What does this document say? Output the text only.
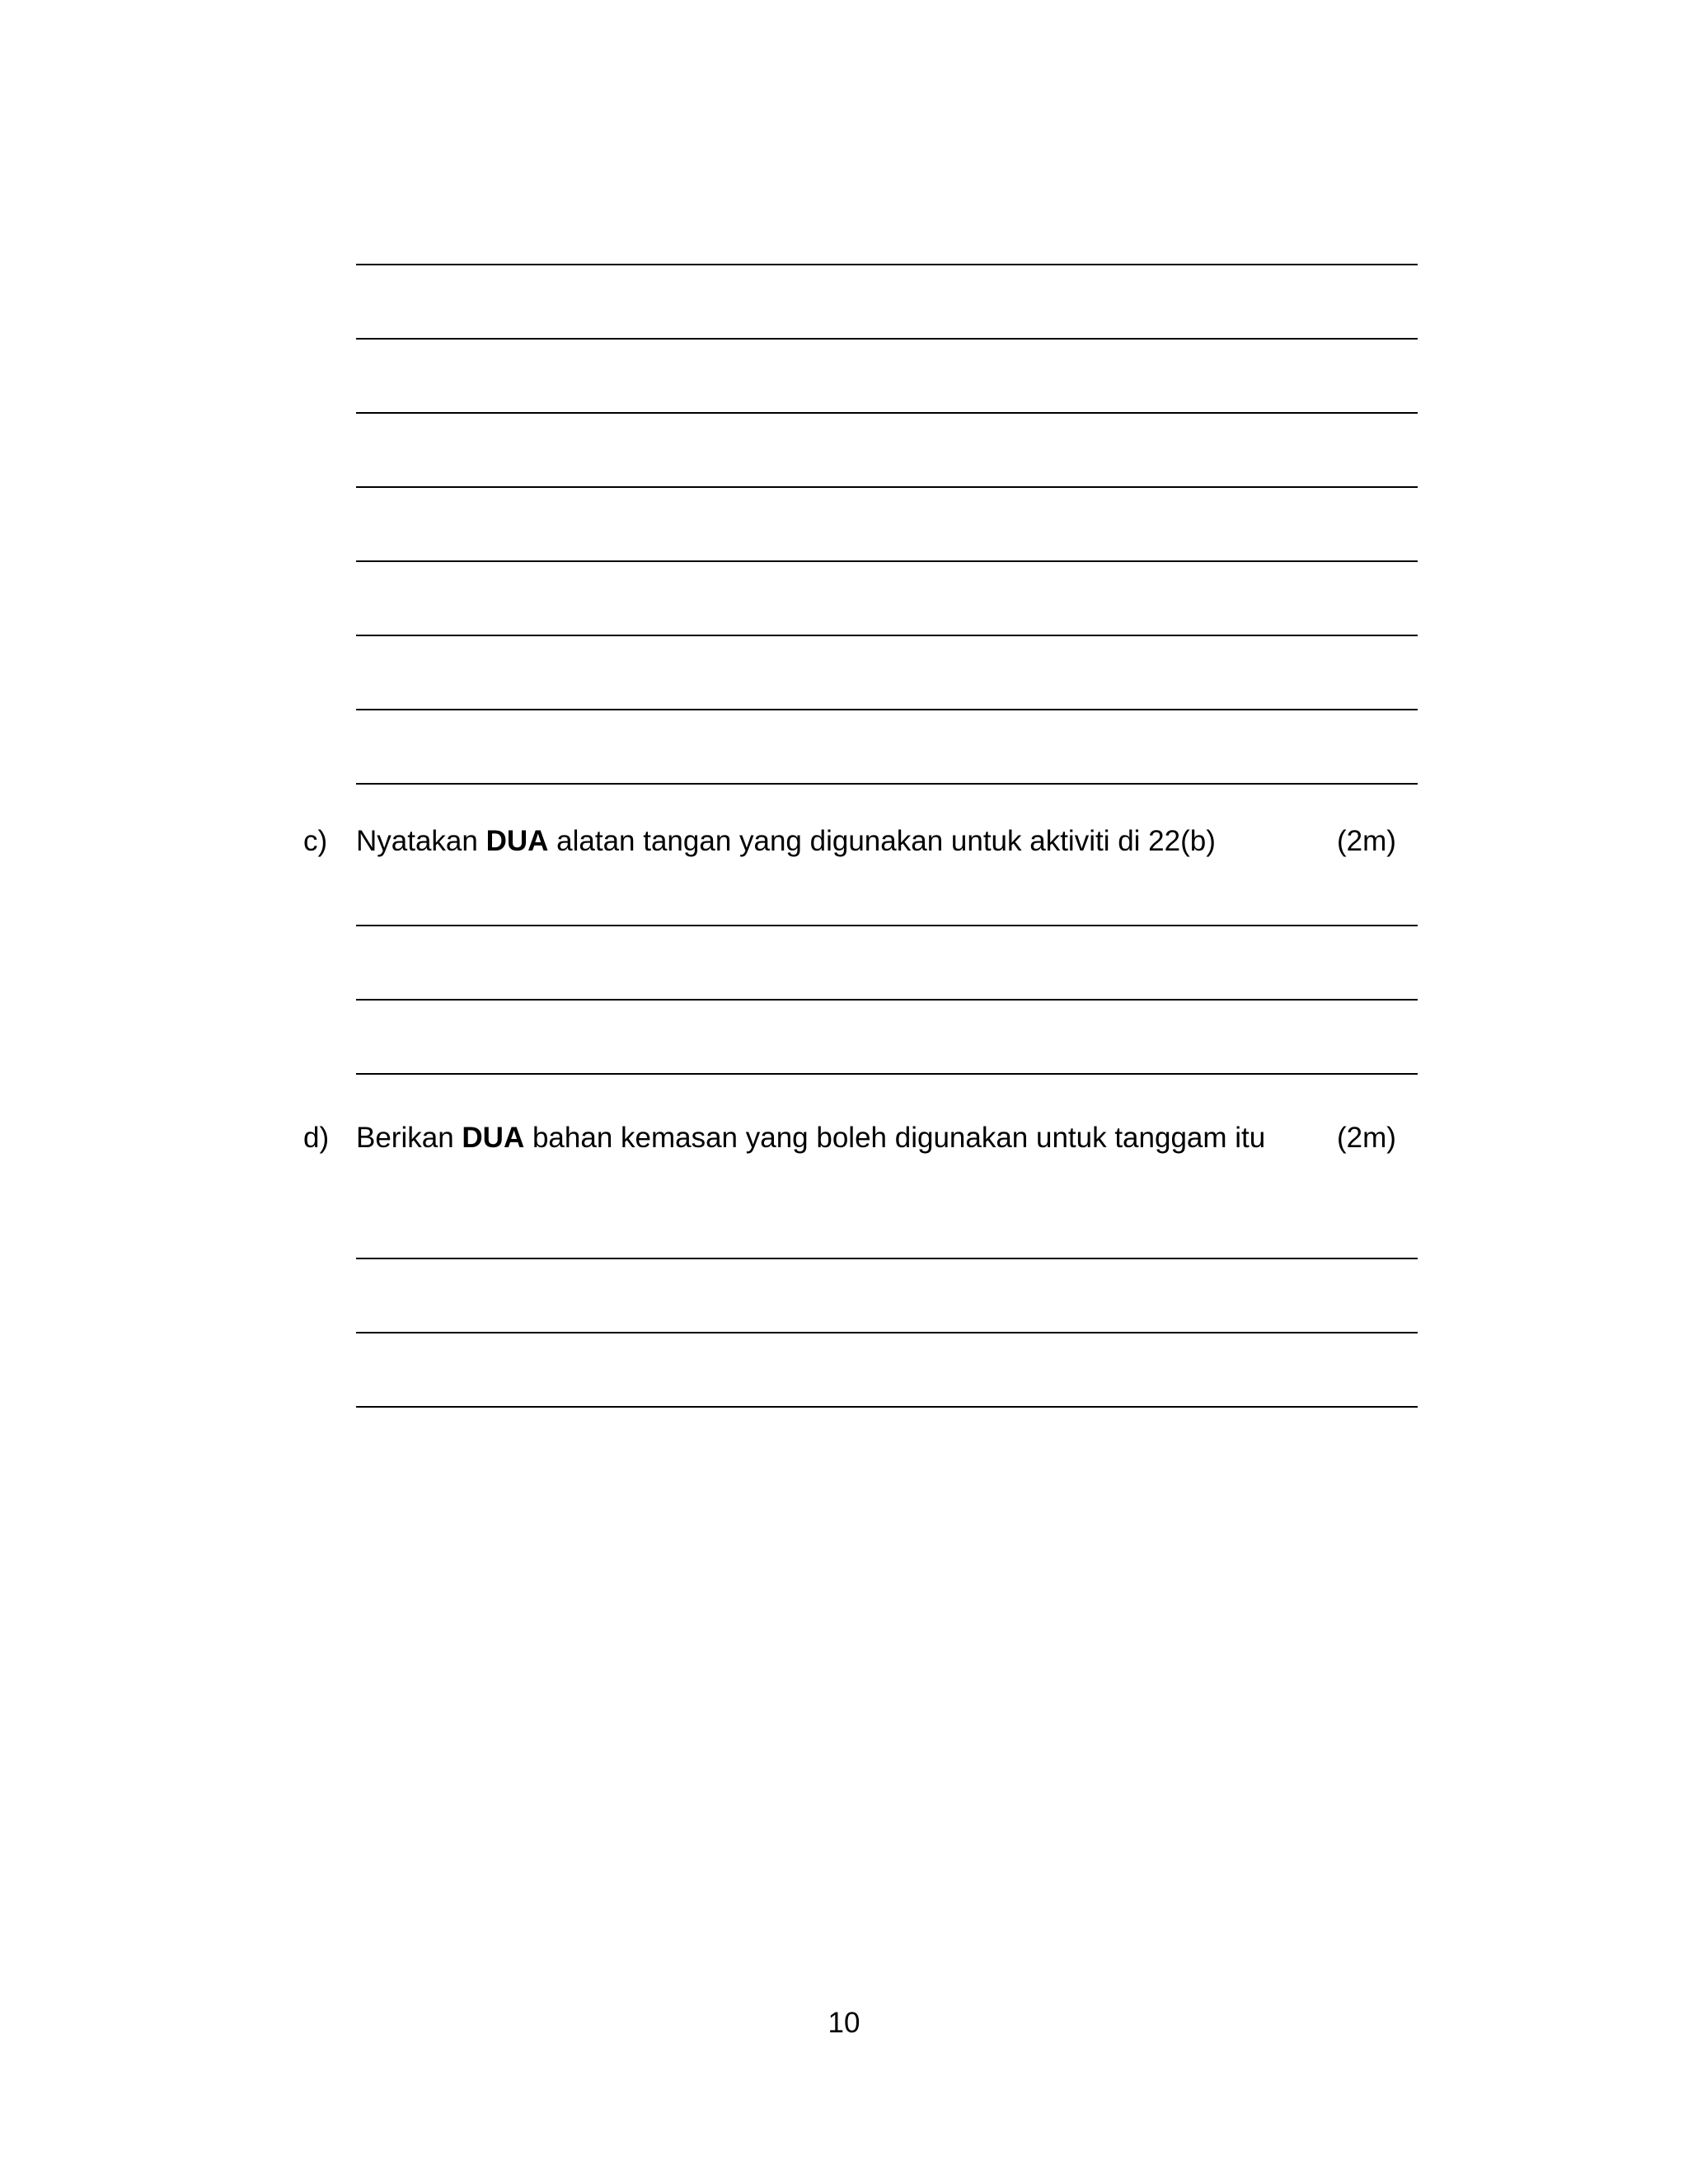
c) Nyatakan DUA alatan tangan yang digunakan untuk aktiviti di 22(b)	(2m)
d) Berikan DUA bahan kemasan yang boleh digunakan untuk tanggam itu (2m)
10
